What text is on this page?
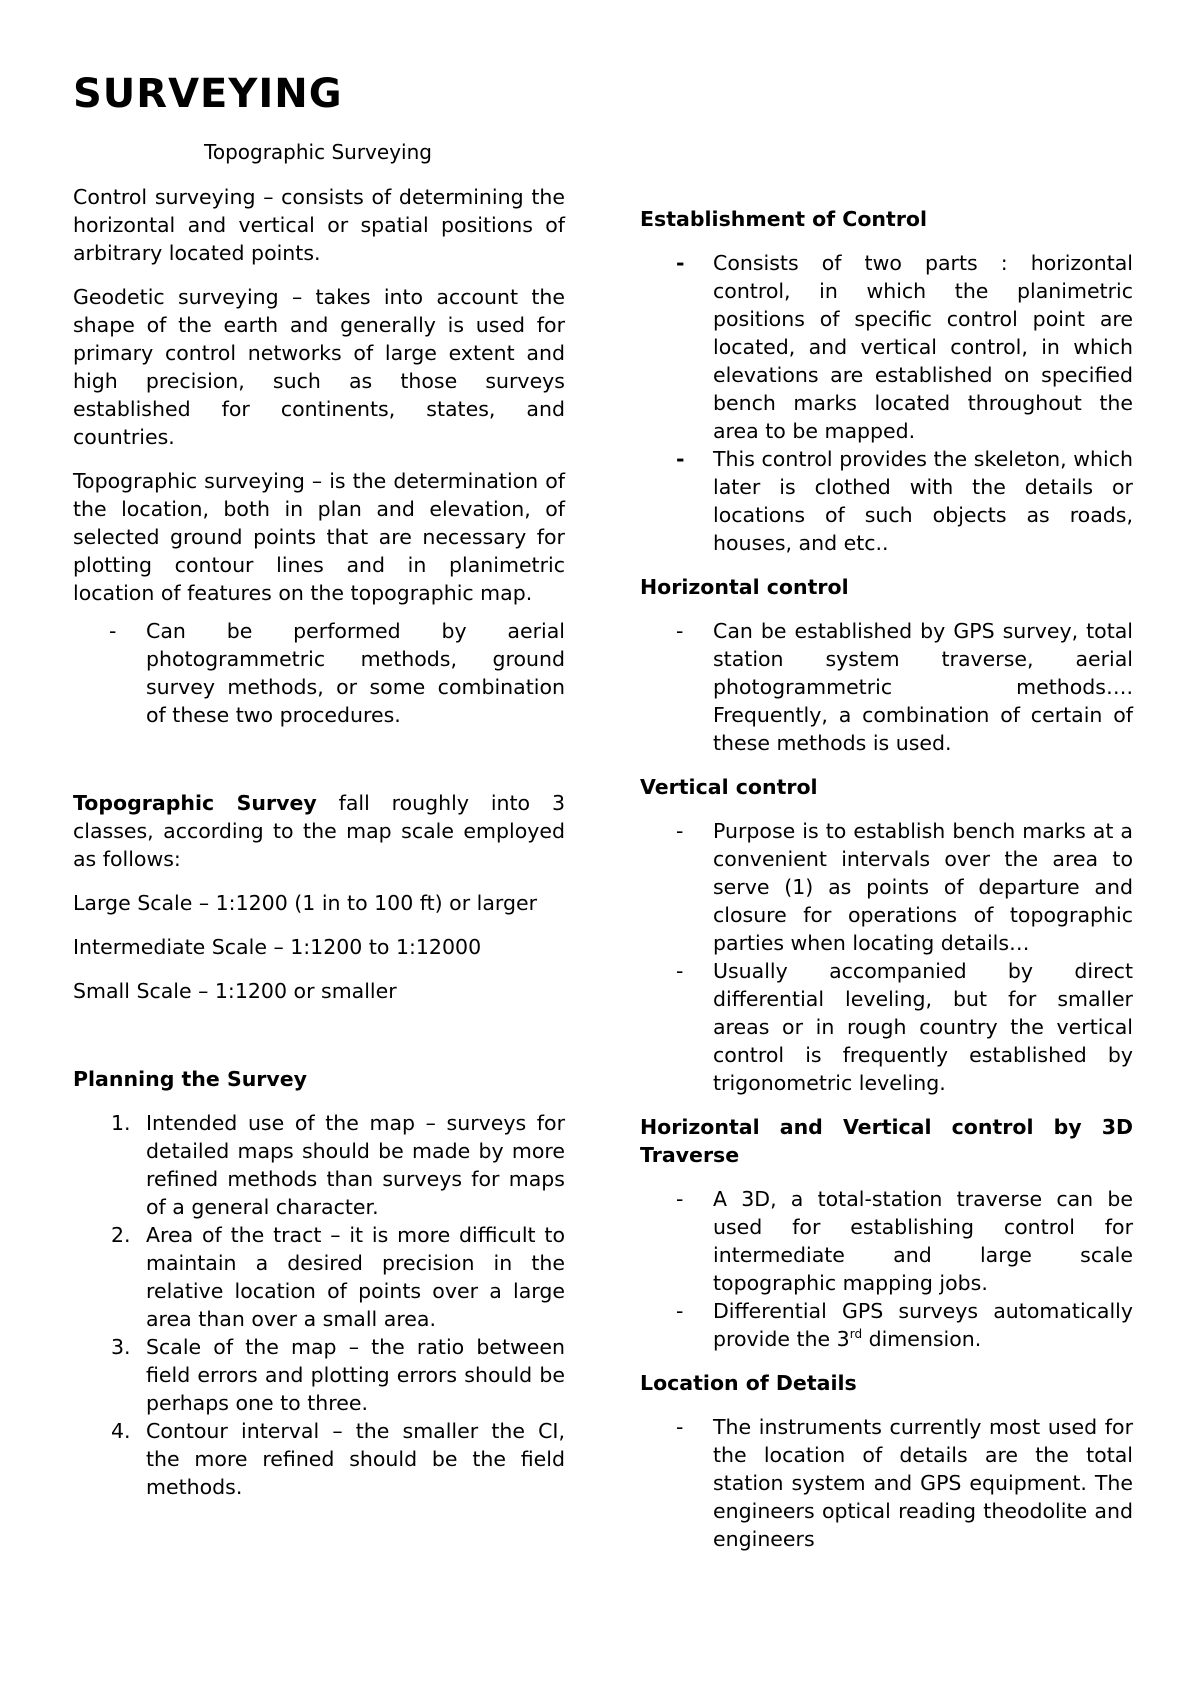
SURVEYING
Topographic Surveying

Control surveying – consists of determining the horizontal and vertical or spatial positions of arbitrary located points.

Geodetic surveying – takes into account the shape of the earth and generally is used for primary control networks of large extent and high precision, such as those surveys established for continents, states, and countries.

Topographic surveying – is the determination of the location, both in plan and elevation, of selected ground points that are necessary for plotting contour lines and in planimetric location of features on the topographic map.

- Can be performed by aerial photogrammetric methods, ground survey methods, or some combination of these two procedures.

Topographic Survey fall roughly into 3 classes, according to the map scale employed as follows:

Large Scale – 1:1200 (1 in to 100 ft) or larger

Intermediate Scale – 1:1200 to 1:12000

Small Scale – 1:1200 or smaller

Planning the Survey
1. Intended use of the map – surveys for detailed maps should be made by more refined methods than surveys for maps of a general character.
2. Area of the tract – it is more difficult to maintain a desired precision in the relative location of points over a large area than over a small area.
3. Scale of the map – the ratio between field errors and plotting errors should be perhaps one to three.
4. Contour interval – the smaller the CI, the more refined should be the field methods.
Establishment of Control
- Consists of two parts : horizontal control, in which the planimetric positions of specific control point are located, and vertical control, in which elevations are established on specified bench marks located throughout the area to be mapped.
- This control provides the skeleton, which later is clothed with the details or locations of such objects as roads, houses, and etc..
Horizontal control
- Can be established by GPS survey, total station system traverse, aerial photogrammetric methods…. Frequently, a combination of certain of these methods is used.
Vertical control
- Purpose is to establish bench marks at a convenient intervals over the area to serve (1) as points of departure and closure for operations of topographic parties when locating details…
- Usually accompanied by direct differential leveling, but for smaller areas or in rough country the vertical control is frequently established by trigonometric leveling.
Horizontal and Vertical control by 3D Traverse
- A 3D, a total-station traverse can be used for establishing control for intermediate and large scale topographic mapping jobs.
- Differential GPS surveys automatically provide the 3rd dimension.
Location of Details
- The instruments currently most used for the location of details are the total station system and GPS equipment. The engineers optical reading theodolite and engineers
